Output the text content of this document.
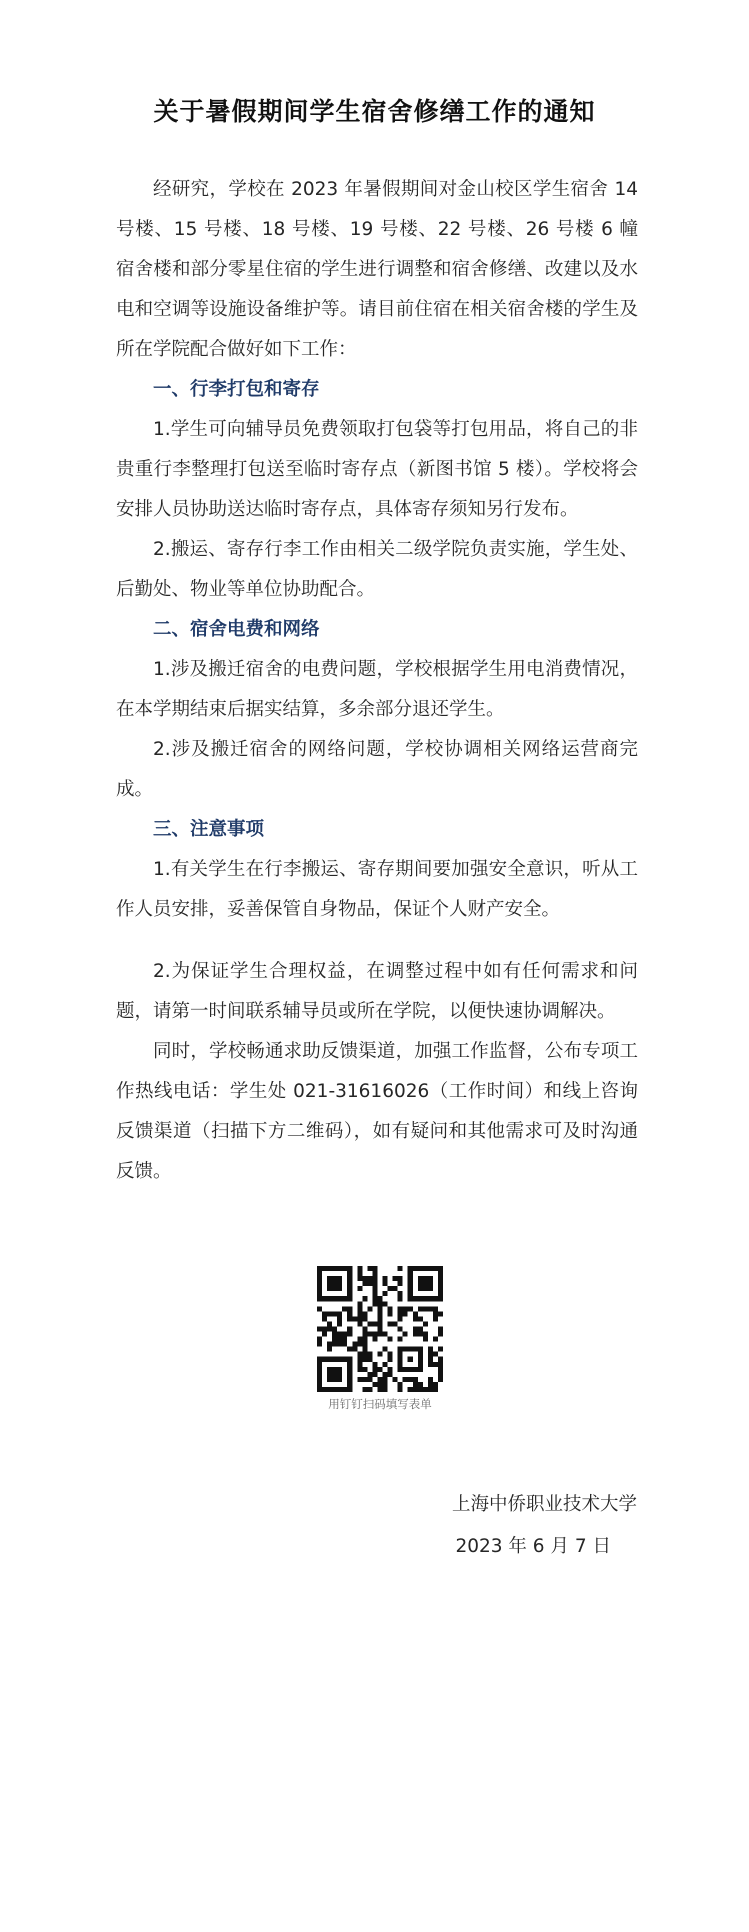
关于暑假期间学生宿舍修缮工作的通知

经研究，学校在 2023 年暑假期间对金山校区学生宿舍 14 号楼、15 号楼、18 号楼、19 号楼、22 号楼、26 号楼 6 幢宿舍楼和部分零星住宿的学生进行调整和宿舍修缮、改建以及水电和空调等设施设备维护等。请目前住宿在相关宿舍楼的学生及所在学院配合做好如下工作：

一、行李打包和寄存

1.学生可向辅导员免费领取打包袋等打包用品，将自己的非贵重行李整理打包送至临时寄存点（新图书馆 5 楼）。学校将会安排人员协助送达临时寄存点，具体寄存须知另行发布。

2.搬运、寄存行李工作由相关二级学院负责实施，学生处、后勤处、物业等单位协助配合。

二、宿舍电费和网络

1.涉及搬迁宿舍的电费问题，学校根据学生用电消费情况，在本学期结束后据实结算，多余部分退还学生。

2.涉及搬迁宿舍的网络问题，学校协调相关网络运营商完成。

三、注意事项

1.有关学生在行李搬运、寄存期间要加强安全意识，听从工作人员安排，妥善保管自身物品，保证个人财产安全。

2.为保证学生合理权益，在调整过程中如有任何需求和问题，请第一时间联系辅导员或所在学院，以便快速协调解决。

同时，学校畅通求助反馈渠道，加强工作监督，公布专项工作热线电话：学生处 021-31616026（工作时间）和线上咨询反馈渠道（扫描下方二维码），如有疑问和其他需求可及时沟通反馈。

用钉钉扫码填写表单
上海中侨职业技术大学
2023 年 6 月 7 日
